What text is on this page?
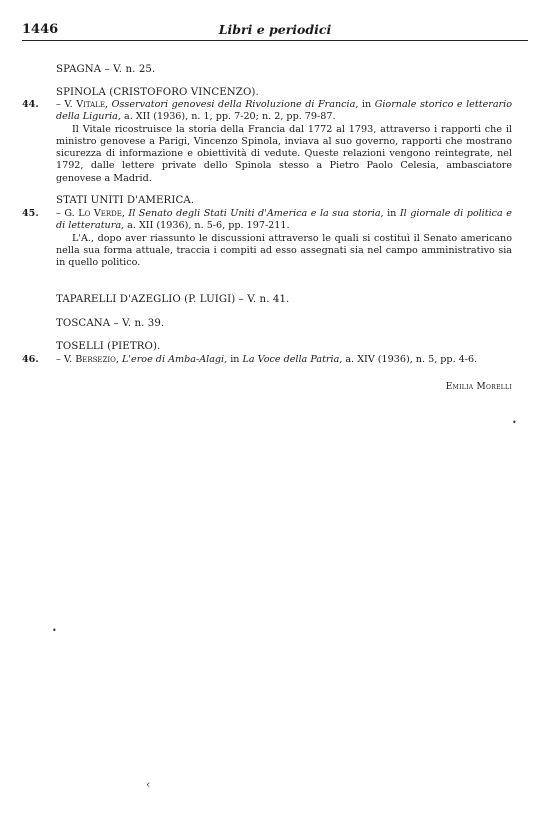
1446	Libri e periodici
SPAGNA – V. n. 25.
SPINOLA (CRISTOFORO VINCENZO).
44. – V. Vitale, Osservatori genovesi della Rivoluzione di Francia, in Giornale storico e letterario della Liguria, a. XII (1936), n. 1, pp. 7-20; n. 2, pp. 79-87.
Il Vitale ricostruisce la storia della Francia dal 1772 al 1793, attraverso i rapporti che il ministro genovese a Parigi, Vincenzo Spinola, inviava al suo governo, rapporti che mostrano sicurezza di informazione e obiettività di vedute. Queste relazioni vengono reintegrate, nel 1792, dalle lettere private dello Spinola stesso a Pietro Paolo Celesia, ambasciatore genovese a Madrid.
STATI UNITI D'AMERICA.
45. – G. Lo Verde, Il Senato degli Stati Uniti d'America e la sua storia, in Il giornale di politica e di letteratura, a. XII (1936), n. 5-6, pp. 197-211.
L'A., dopo aver riassunto le discussioni attraverso le quali si costituì il Senato americano nella sua forma attuale, traccia i compiti ad esso assegnati sia nel campo amministrativo sia in quello politico.
TAPARELLI D'AZEGLIO (P. LUIGI) – V. n. 41.
TOSCANA – V. n. 39.
TOSELLI (PIETRO).
46. – V. Bersezio, L'eroe di Amba-Alagi, in La Voce della Patria, a. XIV (1936), n. 5, pp. 4-6.
Emilia Morelli
•
•
‹
